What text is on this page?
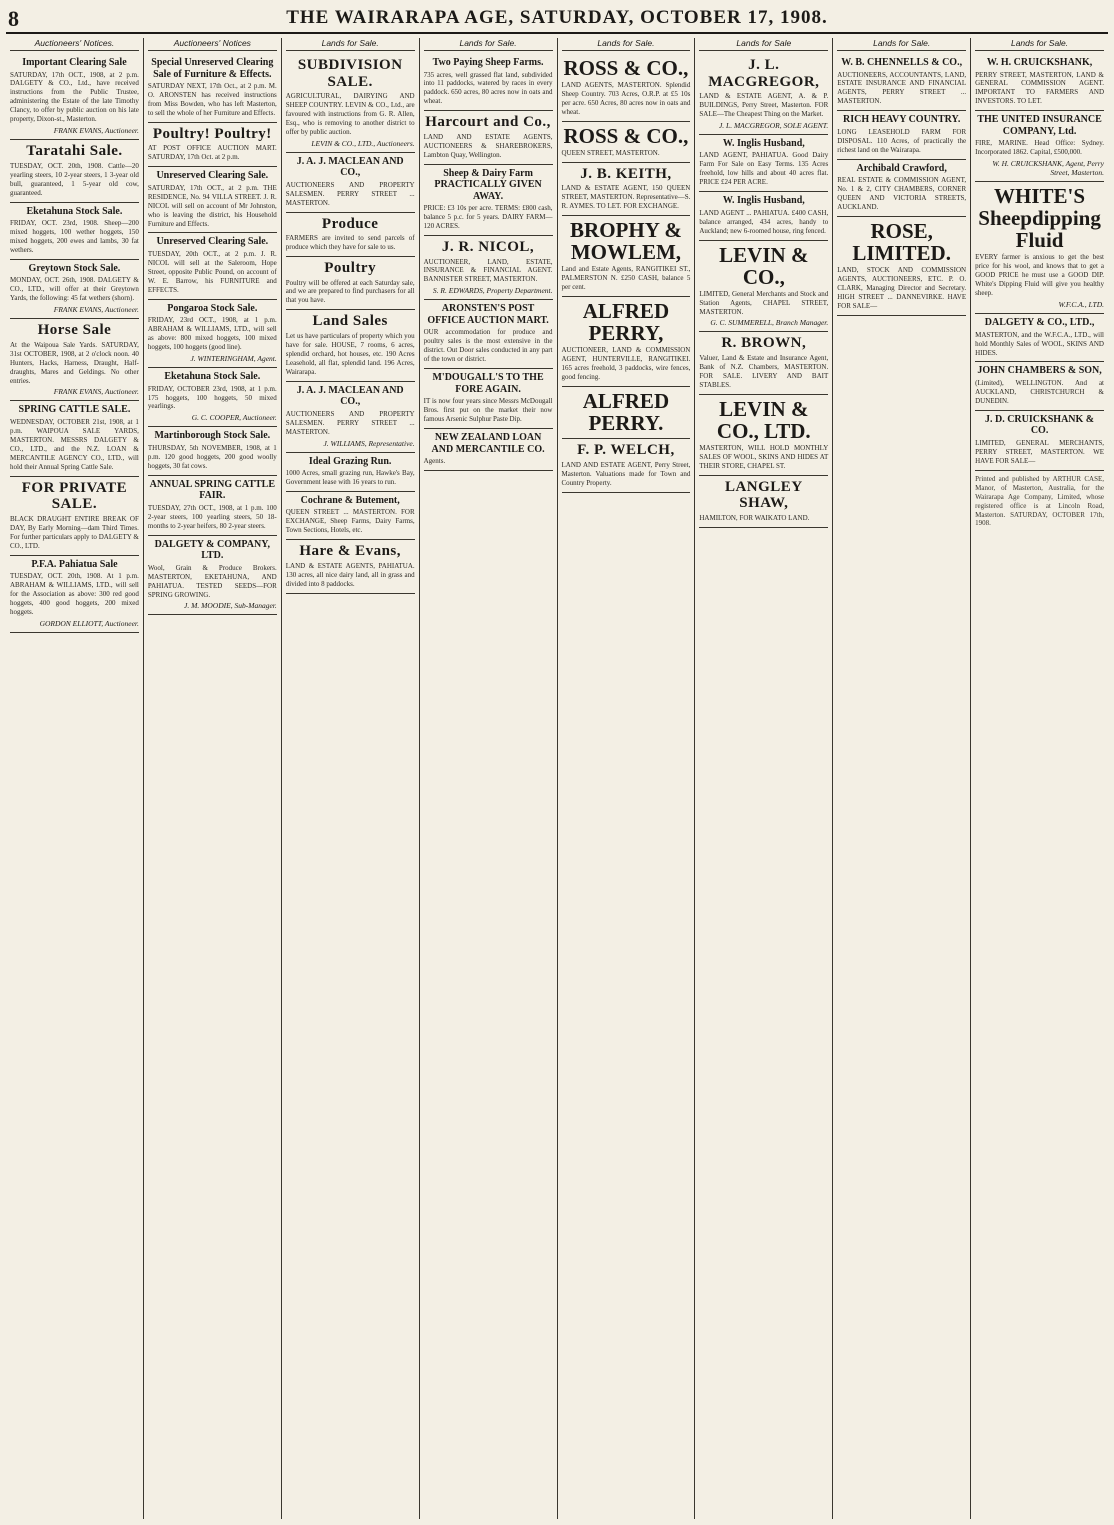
8	THE WAIRARAPA AGE, SATURDAY, OCTOBER 17, 1908.
Auctioneers' Notices.
Important Clearing Sale
SATURDAY, 17th OCT., 1908, at 2 p.m. DALGETY & CO., Ltd., have received instructions from the Public Trustee, administering the Estate of the late Timothy Clancy, to offer by public auction on his late property, Dixon-st., Masterton.
FRANK EVANS, Auctioneer.
Taratahi Sale.
TUESDAY, OCT. 20th, 1908. Cattle—20 yearling steers, 10 2-year steers, 1 3-year old bull, guaranteed, 1 5-year old cow, guaranteed.
Eketahuna Stock Sale.
FRIDAY, OCT. 23rd, 1908. Sheep—200 mixed hoggets, 100 wether hoggets, 150 mixed hoggets, 200 ewes and lambs, 30 fat wethers.
Greytown Stock Sale.
MONDAY, OCT. 26th, 1908. DALGETY & CO., LTD., will offer at their Greytown Yards, the following: 45 fat wethers (shorn).
FRANK EVANS, Auctioneer.
Horse Sale
At the Waipoua Sale Yards. SATURDAY, 31st OCTOBER, 1908, at 2 o'clock noon. 40 Hunters, Hacks, Harness, Draught, Half-draughts, Mares and Geldings. No other entries.
FRANK EVANS, Auctioneer.
SPRING CATTLE SALE.
WEDNESDAY, OCTOBER 21st, 1908, at 1 p.m. WAIPOUA SALE YARDS, MASTERTON. MESSRS DALGETY & CO., LTD., and the N.Z. LOAN & MERCANTILE AGENCY CO., LTD., will hold their Annual Spring Cattle Sale.
FOR PRIVATE SALE.
BLACK DRAUGHT ENTIRE BREAK OF DAY, By Early Morning—dam Third Times. For further particulars apply to DALGETY & CO., LTD.
P.F.A. Pahiatua Sale
TUESDAY, OCT. 20th, 1908. At 1 p.m. ABRAHAM & WILLIAMS, LTD., will sell for the Association as above: 300 red good hoggets, 400 good hoggets, 200 mixed hoggets.
GORDON ELLIOTT, Auctioneer.
Auctioneers' Notices
Special Unreserved Clearing Sale of Furniture & Effects.
SATURDAY NEXT, 17th Oct., at 2 p.m. M. O. ARONSTEN has received instructions from Miss Bowden, who has left Masterton, to sell the whole of her Furniture and Effects.
Poultry! Poultry!
AT POST OFFICE AUCTION MART. SATURDAY, 17th Oct. at 2 p.m.
Unreserved Clearing Sale.
SATURDAY, 17th OCT., at 2 p.m. THE RESIDENCE, No. 94 VILLA STREET. J. R. NICOL will sell on account of Mr Johnston, who is leaving the district, his Household Furniture and Effects.
Unreserved Clearing Sale.
TUESDAY, 20th OCT., at 2 p.m. J. R. NICOL will sell at the Saleroom, Hope Street, opposite Public Pound, on account of W. E. Barrow, his FURNITURE and EFFECTS.
Pongaroa Stock Sale.
FRIDAY, 23rd OCT., 1908, at 1 p.m. ABRAHAM & WILLIAMS, LTD., will sell as above: 800 mixed hoggets, 100 mixed hoggets, 100 hoggets (good line).
J. WINTERINGHAM, Agent.
Eketahuna Stock Sale.
FRIDAY, OCTOBER 23rd, 1908, at 1 p.m. 175 hoggets, 100 hoggets, 50 mixed yearlings.
G. C. COOPER, Auctioneer.
Martinborough Stock Sale.
THURSDAY, 5th NOVEMBER, 1908, at 1 p.m. 120 good hoggets, 200 good woolly hoggets, 30 fat cows.
ANNUAL SPRING CATTLE FAIR.
TUESDAY, 27th OCT., 1908, at 1 p.m. 100 2-year steers, 100 yearling steers, 50 18-months to 2-year heifers, 80 2-year steers.
DALGETY & COMPANY, LTD.
Wool, Grain & Produce Brokers. MASTERTON, EKETAHUNA, AND PAHIATUA. TESTED SEEDS—FOR SPRING GROWING.
J. M. MOODIE, Sub-Manager.
Lands for Sale.
SUBDIVISION SALE.
AGRICULTURAL, DAIRYING AND SHEEP COUNTRY. LEVIN & CO., Ltd., are favoured with instructions from G. R. Allen, Esq., who is removing to another district to offer by public auction.
LEVIN & CO., LTD., Auctioneers.
J. A. J. MACLEAN AND CO.,
AUCTIONEERS AND PROPERTY SALESMEN. PERRY STREET ... MASTERTON.
Produce
FARMERS are invited to send parcels of produce which they have for sale to us.
Poultry
Poultry will be offered at each Saturday sale, and we are prepared to find purchasers for all that you have.
Land Sales
Let us have particulars of property which you have for sale. HOUSE, 7 rooms, 6 acres, splendid orchard, hot houses, etc. 190 Acres Leasehold, all flat, splendid land. 196 Acres, Wairarapa.
J. A. J. MACLEAN AND CO.,
AUCTIONEERS AND PROPERTY SALESMEN. PERRY STREET ... MASTERTON.
J. WILLIAMS, Representative.
Ideal Grazing Run.
1000 Acres, small grazing run, Hawke's Bay, Government lease with 16 years to run.
Cochrane & Butement,
QUEEN STREET ... MASTERTON. FOR EXCHANGE, Sheep Farms, Dairy Farms, Town Sections, Hotels, etc.
Hare & Evans,
LAND & ESTATE AGENTS, PAHIATUA. 130 acres, all nice dairy land, all in grass and divided into 8 paddocks.
Lands for Sale.
Two Paying Sheep Farms.
735 acres, well grassed flat land, subdivided into 11 paddocks, watered by races in every paddock. 650 acres, 80 acres now in oats and wheat.
Harcourt and Co.,
LAND AND ESTATE AGENTS, AUCTIONEERS & SHAREBROKERS, Lambton Quay, Wellington.
Sheep & Dairy Farm PRACTICALLY GIVEN AWAY.
PRICE: £3 10s per acre. TERMS: £800 cash, balance 5 p.c. for 5 years. DAIRY FARM—120 ACRES.
J. R. NICOL,
AUCTIONEER, LAND, ESTATE, INSURANCE & FINANCIAL AGENT. BANNISTER STREET, MASTERTON.
S. R. EDWARDS, Property Department.
ARONSTEN'S POST OFFICE AUCTION MART.
OUR accommodation for produce and poultry sales is the most extensive in the district. Out Door sales conducted in any part of the town or district.
M'DOUGALL'S TO THE FORE AGAIN.
IT is now four years since Messrs McDougall Bros. first put on the market their now famous Arsenic Sulphur Paste Dip.
NEW ZEALAND LOAN AND MERCANTILE CO.
Agents.
Lands for Sale.
ROSS & CO.,
LAND AGENTS, MASTERTON. Splendid Sheep Country. 703 Acres, O.R.P. at £5 10s per acre. 650 Acres, 80 acres now in oats and wheat.
ROSS & CO.,
QUEEN STREET, MASTERTON.
J. B. KEITH,
LAND & ESTATE AGENT, 150 QUEEN STREET, MASTERTON. Representative—S. R. AYMES. TO LET. FOR EXCHANGE.
BROPHY & MOWLEM,
Land and Estate Agents, RANGITIKEI ST., PALMERSTON N. £250 CASH, balance 5 per cent.
ALFRED PERRY,
AUCTIONEER, LAND & COMMISSION AGENT, HUNTERVILLE, RANGITIKEI. 165 acres freehold, 3 paddocks, wire fences, good fencing.
ALFRED PERRY.
F. P. WELCH,
LAND AND ESTATE AGENT, Perry Street, Masterton. Valuations made for Town and Country Property.
Lands for Sale
J. L. MACGREGOR,
LAND & ESTATE AGENT, A. & P. BUILDINGS, Perry Street, Masterton. FOR SALE—The Cheapest Thing on the Market.
J. L. MACGREGOR, SOLE AGENT.
W. Inglis Husband,
LAND AGENT, PAHIATUA. Good Dairy Farm For Sale on Easy Terms. 135 Acres freehold, low hills and about 40 acres flat. PRICE £24 PER ACRE.
W. Inglis Husband,
LAND AGENT ... PAHIATUA. £400 CASH, balance arranged, 434 acres, handy to Auckland; new 6-roomed house, ring fenced.
LEVIN & CO.,
LIMITED, General Merchants and Stock and Station Agents, CHAPEL STREET, MASTERTON.
G. C. SUMMERELL, Branch Manager.
R. BROWN,
Valuer, Land & Estate and Insurance Agent, Bank of N.Z. Chambers, MASTERTON. FOR SALE. LIVERY AND BAIT STABLES.
LEVIN & CO., LTD.
MASTERTON, WILL HOLD MONTHLY SALES OF WOOL, SKINS AND HIDES AT THEIR STORE, CHAPEL ST.
LANGLEY SHAW,
HAMILTON, FOR WAIKATO LAND.
Lands for Sale.
W. B. CHENNELLS & CO.,
AUCTIONEERS, ACCOUNTANTS, LAND, ESTATE INSURANCE AND FINANCIAL AGENTS, PERRY STREET ... MASTERTON.
RICH HEAVY COUNTRY.
LONG LEASEHOLD FARM FOR DISPOSAL. 110 Acres, of practically the richest land on the Wairarapa.
Archibald Crawford,
REAL ESTATE & COMMISSION AGENT, No. 1 & 2, CITY CHAMBERS, CORNER QUEEN AND VICTORIA STREETS, AUCKLAND.
ROSE, LIMITED.
LAND, STOCK AND COMMISSION AGENTS, AUCTIONEERS, ETC. P. O. CLARK, Managing Director and Secretary. HIGH STREET ... DANNEVIRKE. HAVE FOR SALE—
Lands for Sale.
W. H. CRUICKSHANK,
PERRY STREET, MASTERTON, LAND & GENERAL COMMISSION AGENT. IMPORTANT TO FARMERS AND INVESTORS. TO LET.
THE UNITED INSURANCE COMPANY, Ltd.
FIRE, MARINE. Head Office: Sydney. Incorporated 1862. Capital, £500,000.
W. H. CRUICKSHANK, Agent, Perry Street, Masterton.
WHITE'S Sheepdipping Fluid
EVERY farmer is anxious to get the best price for his wool, and knows that to get a GOOD PRICE he must use a GOOD DIP. White's Dipping Fluid will give you healthy sheep.
W.F.C.A., LTD.
DALGETY & CO., LTD.,
MASTERTON, and the W.F.C.A., LTD., will hold Monthly Sales of WOOL, SKINS AND HIDES.
JOHN CHAMBERS & SON,
(Limited), WELLINGTON. And at AUCKLAND, CHRISTCHURCH & DUNEDIN.
J. D. CRUICKSHANK & CO.
LIMITED, GENERAL MERCHANTS, PERRY STREET, MASTERTON. WE HAVE FOR SALE—
Printed and published by ARTHUR CASE, Manor, of Masterton, Australia, for the Wairarapa Age Company, Limited, whose registered office is at Lincoln Road, Masterton. SATURDAY, OCTOBER 17th, 1908.
